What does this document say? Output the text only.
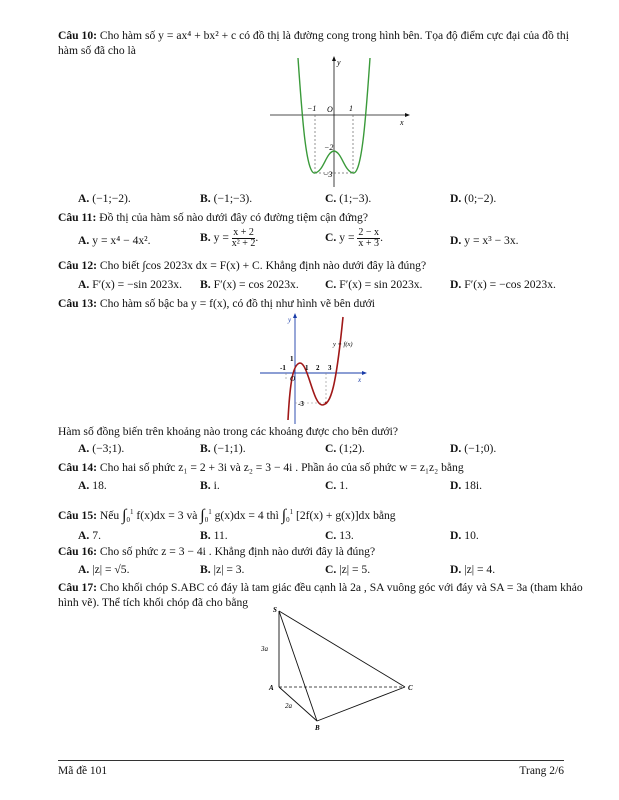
Câu 10: Cho hàm số y = ax⁴ + bx² + c có đồ thị là đường cong trong hình bên. Tọa độ điểm cực đại của đồ thị hàm số đã cho là
y
x
O
−1	1
−2
−3
A. (−1;−2).	B. (−1;−3).	C. (1;−3).	D. (0;−2).
Câu 11: Đồ thị của hàm số nào dưới đây có đường tiệm cận đứng?
A. y = x⁴ − 4x².	B. $y = \frac{x + 2}{\text{x² + 2}}$ .	C. $y = \frac{2 - x}{x + 3}$ .	D. y = x³ − 3x.
Câu 12: Cho biết ∫cos 2023x dx = F(x) + C. Khẳng định nào dưới đây là đúng?
A. F′(x) = −sin 2023x. B. F′(x) = cos 2023x. C. F′(x) = sin 2023x. D. F′(x) = −cos 2023x.
Câu 13: Cho hàm số bậc ba y = f(x), có đồ thị như hình vẽ bên dưới
y
x
O
y = f(x)
-1	1 2 3
-3
1
Hàm số đồng biến trên khoảng nào trong các khoảng được cho bên dưới?
A. (−3;1).	B. (−1;1).	C. (1;2).	D. (−1;0).
Câu 14: Cho hai số phức z₁ = 2 + 3i và z₂ = 3 − 4i . Phần ảo của số phức w = z₁z₂ bằng
A. 18.	B. i.	C. 1.	D. 18i.
Câu 15: Nếu $\int_0^1$ f(x)dx = 3 và $\int_0^1$ g(x)dx = 4 thì $\int_0^1$ [2f(x) + g(x)]dx bằng
A. 7.	B. 11.	C. 13.	D. 10.
Câu 16: Cho số phức z = 3 − 4i . Khẳng định nào dưới đây là đúng?
A. |z| = √5.	B. |z| = 3.	C. |z| = 5.	D. |z| = 4.
Câu 17: Cho khối chóp S.ABC có đáy là tam giác đều cạnh là 2a , SA vuông góc với đáy và SA = 3a (tham khảo hình vẽ). Thể tích khối chóp đã cho bằng
S
A
B
C
3a
2a
Mã đề 101	Trang 2/6
